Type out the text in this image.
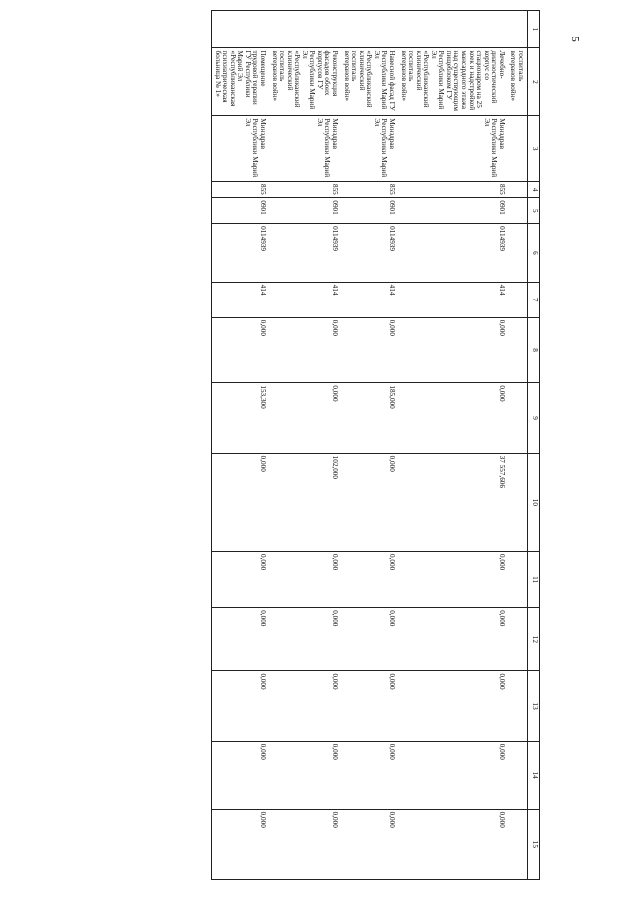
5
1	2	3	4	5	6	7	8	9	10	11	12	13	14	15
	госпиталь ветеранов войн»													
	Лечебно-диагностический корпус со стационаром на 25 коек и надстройкой мансардного этажа над существующим пищеблоком ГУ Республики Марий Эл «Республиканский клинический госпиталь ветеранов войн»	Минздрав Республики Марий Эл	855	0901	0114939	414	0,000	0,000	37 557,606	0,000	0,000	0,000	0,000	0,000
	Навесной фасад ГУ Республики Марий Эл «Республиканский клинический госпиталь ветеранов войн»	Минздрав Республики Марий Эл	855	0901	0114939	414	0,000	185,000	0,000	0,000	0,000	0,000	0,000	0,000
	Реконструкция фасадов обоих корпусов ГУ Республики Марий Эл «Республиканский клинический госпиталь ветеранов войн»	Минздрав Республики Марий Эл	855	0901	0114939	414	0,000	0,000	102,000	0,000	0,000	0,000	0,000	0,000
	Помещение трудовой терапии ГУ Республики Марий Эл «Республиканская психиатрическая больница № 1»	Минздрав Республики Марий Эл	855	0901	0114939	414	0,000	153,300	0,000	0,000	0,000	0,000	0,000	0,000
